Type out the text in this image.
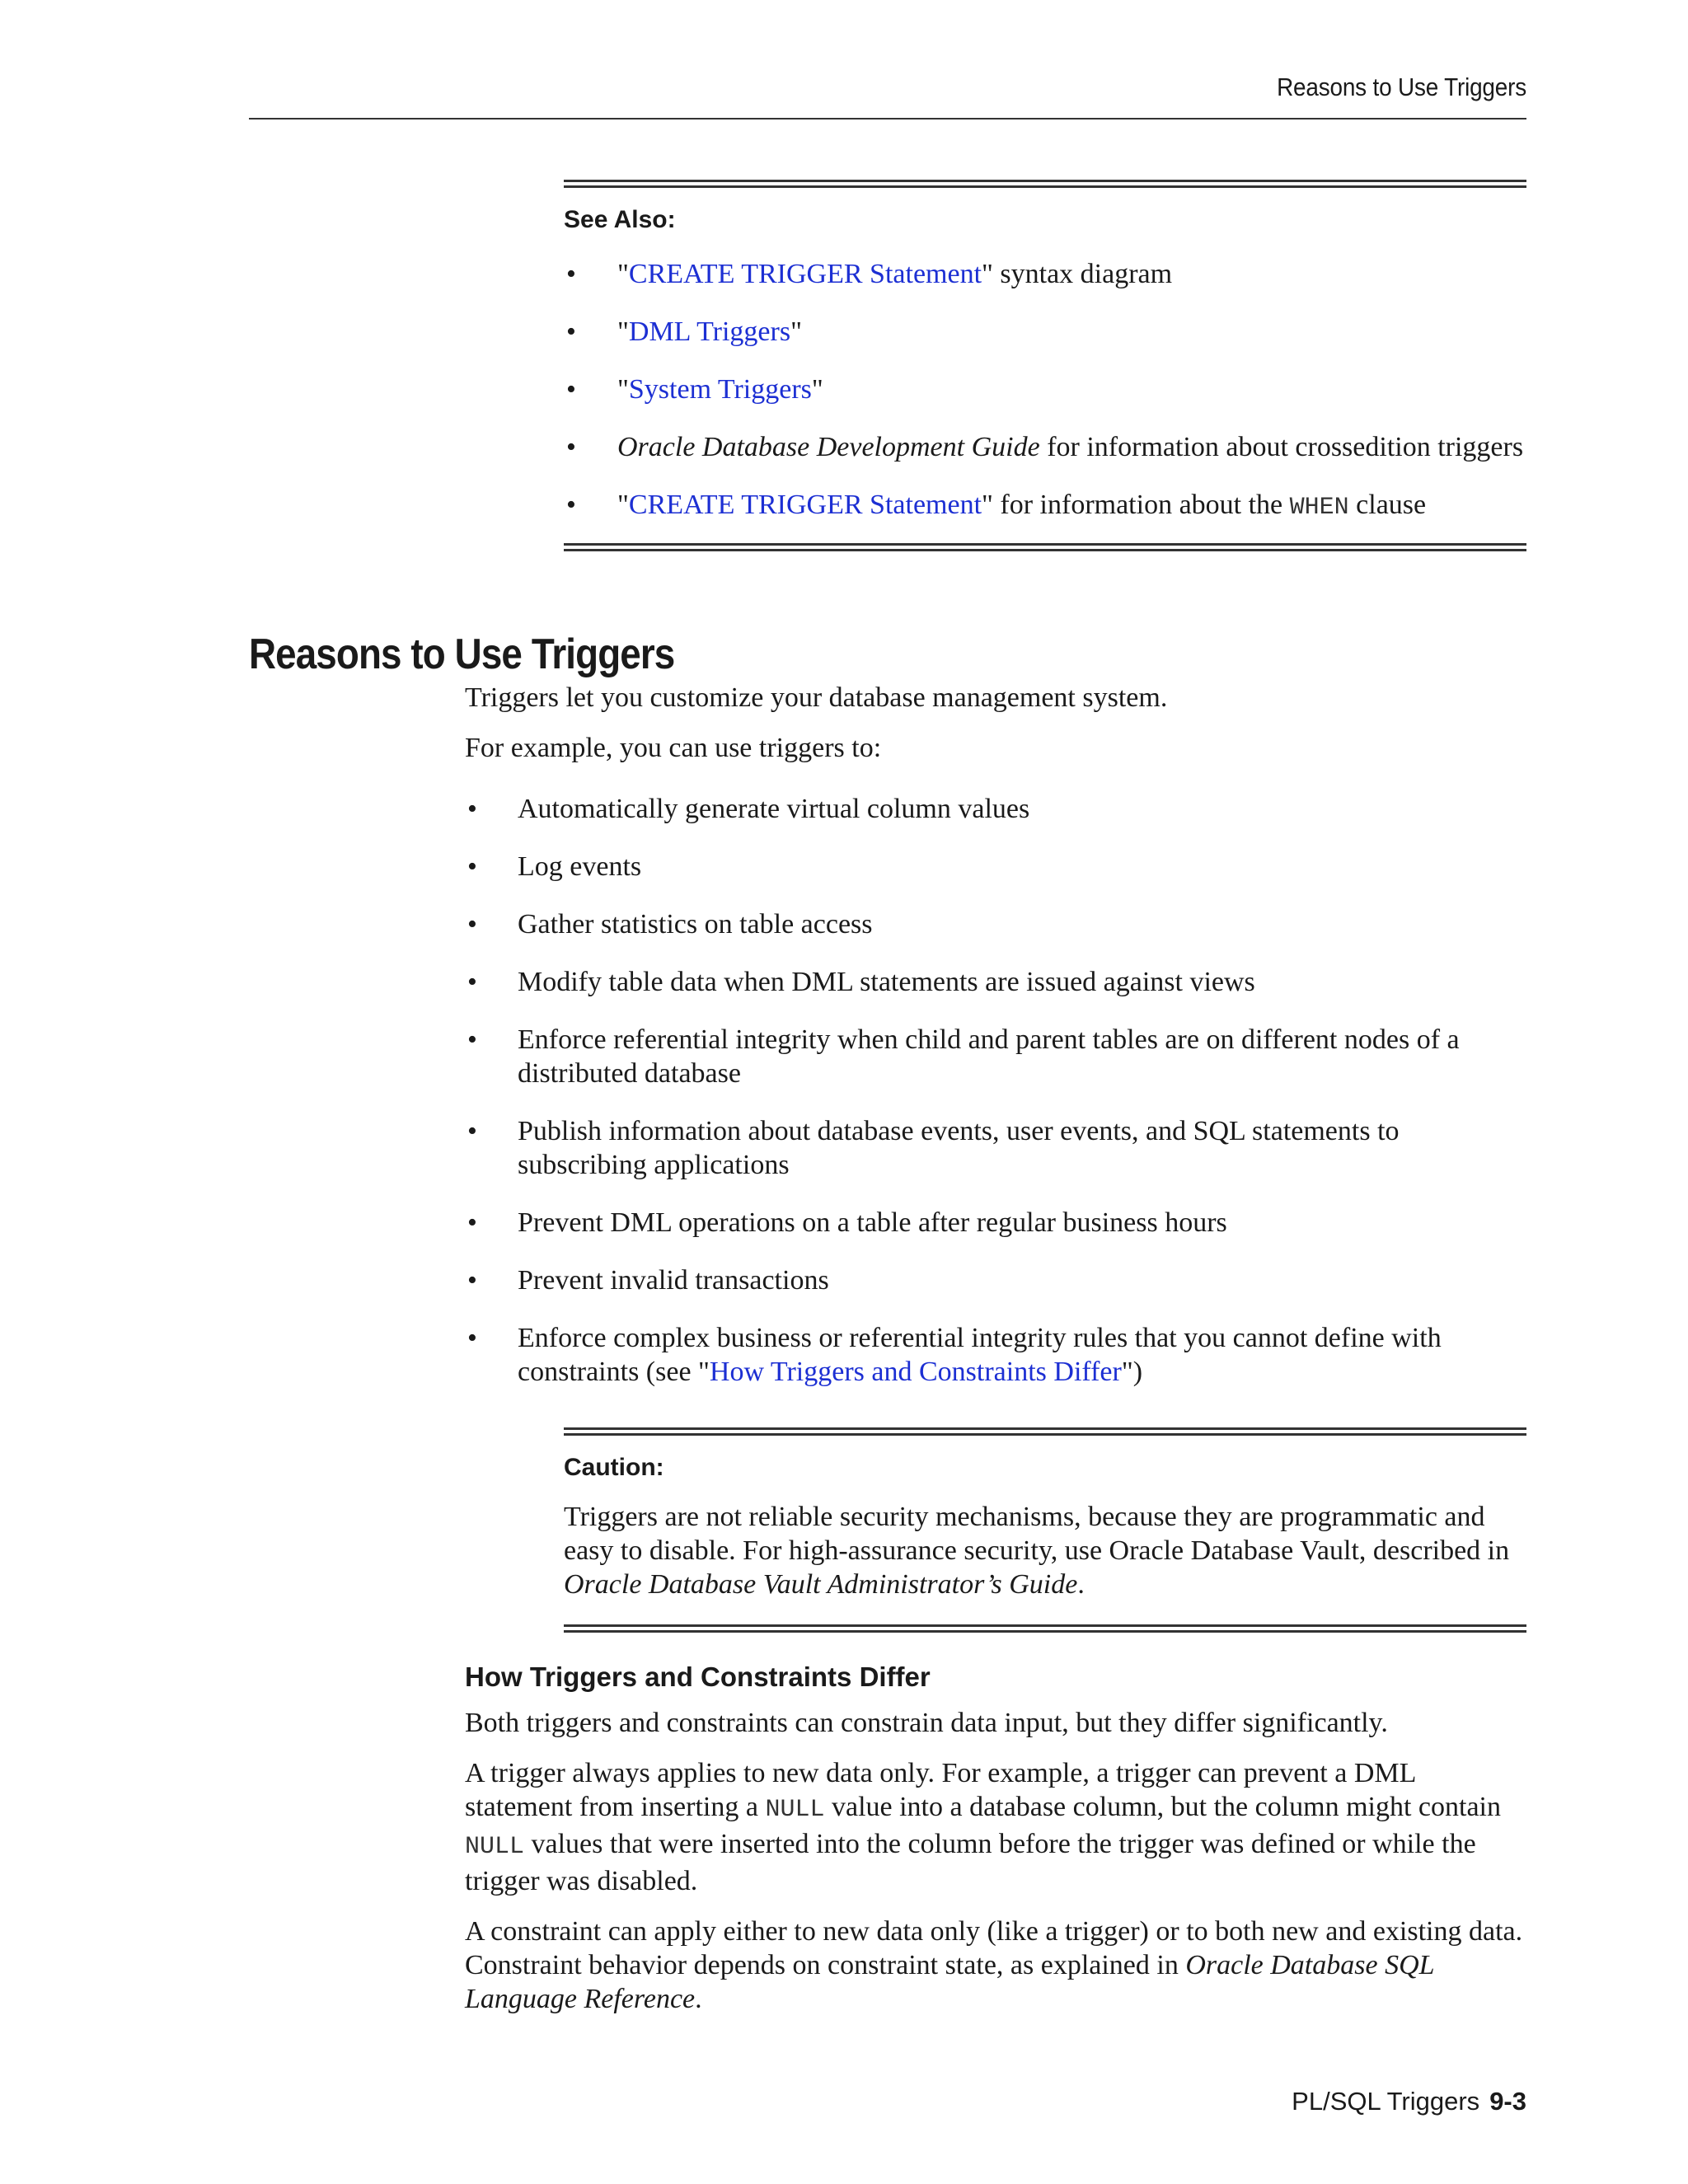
Reasons to Use Triggers
See Also:
• "CREATE TRIGGER Statement" syntax diagram
• "DML Triggers"
• "System Triggers"
• Oracle Database Development Guide for information about crossedition triggers
• "CREATE TRIGGER Statement" for information about the WHEN clause
Reasons to Use Triggers

Triggers let you customize your database management system.

For example, you can use triggers to:

• Automatically generate virtual column values
• Log events
• Gather statistics on table access
• Modify table data when DML statements are issued against views
• Enforce referential integrity when child and parent tables are on different nodes of a distributed database
• Publish information about database events, user events, and SQL statements to subscribing applications
• Prevent DML operations on a table after regular business hours
• Prevent invalid transactions
• Enforce complex business or referential integrity rules that you cannot define with constraints (see "How Triggers and Constraints Differ")
Caution:

Triggers are not reliable security mechanisms, because they are programmatic and easy to disable. For high-assurance security, use Oracle Database Vault, described in Oracle Database Vault Administrator’s Guide.

How Triggers and Constraints Differ

Both triggers and constraints can constrain data input, but they differ significantly.

A trigger always applies to new data only. For example, a trigger can prevent a DML statement from inserting a NULL value into a database column, but the column might contain NULL values that were inserted into the column before the trigger was defined or while the trigger was disabled.

A constraint can apply either to new data only (like a trigger) or to both new and existing data. Constraint behavior depends on constraint state, as explained in Oracle Database SQL Language Reference.

PL/SQL Triggers 9-3
